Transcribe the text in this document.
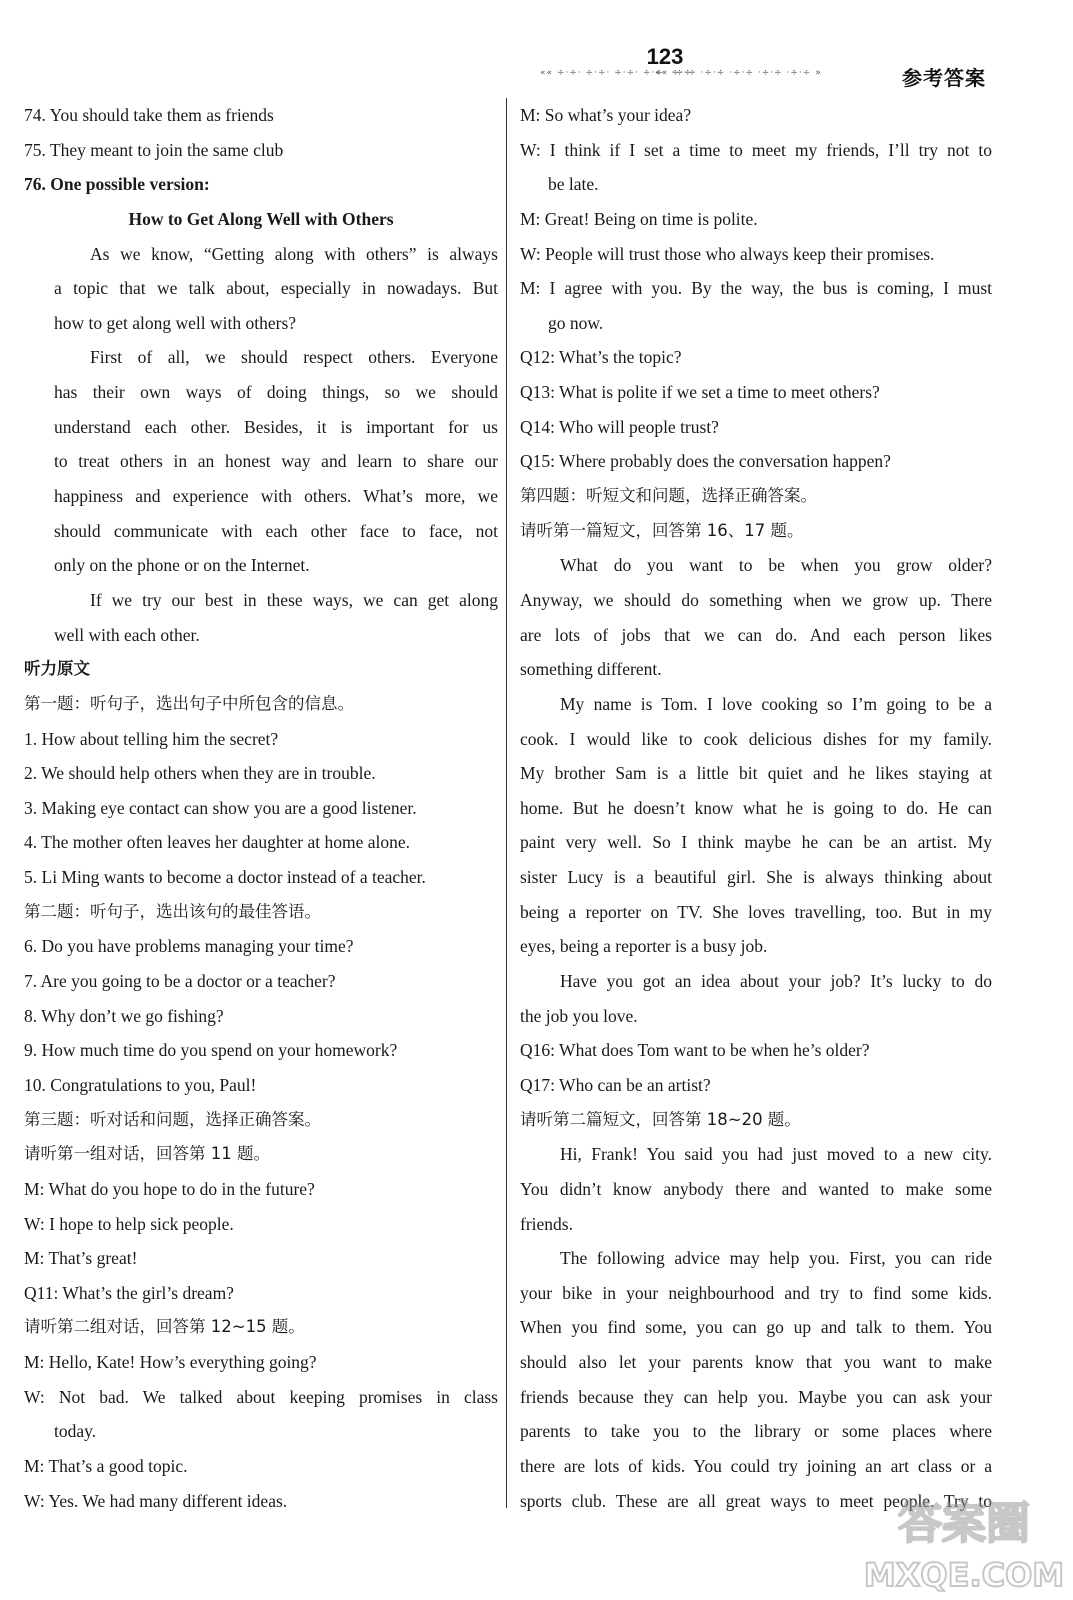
123
«« ÷·÷· ÷·÷· ÷·÷· ÷·÷· ÷·÷·
«« ·÷·÷ ·÷·÷ ·÷·÷ ·÷·÷ ·÷·÷ »	参考答案
74. You should take them as friends
75. They meant to join the same club
76. One possible version:
How to Get Along Well with Others
As we know, “Getting along with others” is always
a topic that we talk about, especially in nowadays. But
how to get along well with others?
First of all, we should respect others. Everyone
has their own ways of doing things, so we should
understand each other. Besides, it is important for us
to treat others in an honest way and learn to share our
happiness and experience with others. What’s more, we
should communicate with each other face to face, not
only on the phone or on the Internet.
If we try our best in these ways, we can get along
well with each other.
听力原文
第一题：听句子，选出句子中所包含的信息。
1. How about telling him the secret?
2. We should help others when they are in trouble.
3. Making eye contact can show you are a good listener.
4. The mother often leaves her daughter at home alone.
5. Li Ming wants to become a doctor instead of a teacher.
第二题：听句子，选出该句的最佳答语。
6. Do you have problems managing your time?
7. Are you going to be a doctor or a teacher?
8. Why don’t we go fishing?
9. How much time do you spend on your homework?
10. Congratulations to you, Paul!
第三题：听对话和问题，选择正确答案。
请听第一组对话，回答第 11 题。
M: What do you hope to do in the future?
W: I hope to help sick people.
M: That’s great!
Q11: What’s the girl’s dream?
请听第二组对话，回答第 12~15 题。
M: Hello, Kate! How’s everything going?
W: Not bad. We talked about keeping promises in class
today.
M: That’s a good topic.
W: Yes. We had many different ideas.
M: So what’s your idea?
W: I think if I set a time to meet my friends, I’ll try not to
be late.
M: Great! Being on time is polite.
W: People will trust those who always keep their promises.
M: I agree with you. By the way, the bus is coming, I must
go now.
Q12: What’s the topic?
Q13: What is polite if we set a time to meet others?
Q14: Who will people trust?
Q15: Where probably does the conversation happen?
第四题：听短文和问题，选择正确答案。
请听第一篇短文，回答第 16、17 题。
What do you want to be when you grow older?
Anyway, we should do something when we grow up. There
are lots of jobs that we can do. And each person likes
something different.
My name is Tom. I love cooking so I’m going to be a
cook. I would like to cook delicious dishes for my family.
My brother Sam is a little bit quiet and he likes staying at
home. But he doesn’t know what he is going to do. He can
paint very well. So I think maybe he can be an artist. My
sister Lucy is a beautiful girl. She is always thinking about
being a reporter on TV. She loves travelling, too. But in my
eyes, being a reporter is a busy job.
Have you got an idea about your job? It’s lucky to do
the job you love.
Q16: What does Tom want to be when he’s older?
Q17: Who can be an artist?
请听第二篇短文，回答第 18~20 题。
Hi, Frank! You said you had just moved to a new city.
You didn’t know anybody there and wanted to make some
friends.
The following advice may help you. First, you can ride
your bike in your neighbourhood and try to find some kids.
When you find some, you can go up and talk to them. You
should also let your parents know that you want to make
friends because they can help you. Maybe you can ask your
parents to take you to the library or some places where
there are lots of kids. You could try joining an art class or a
sports club. These are all great ways to meet people. Try to
答案圈
MXQE.COM
